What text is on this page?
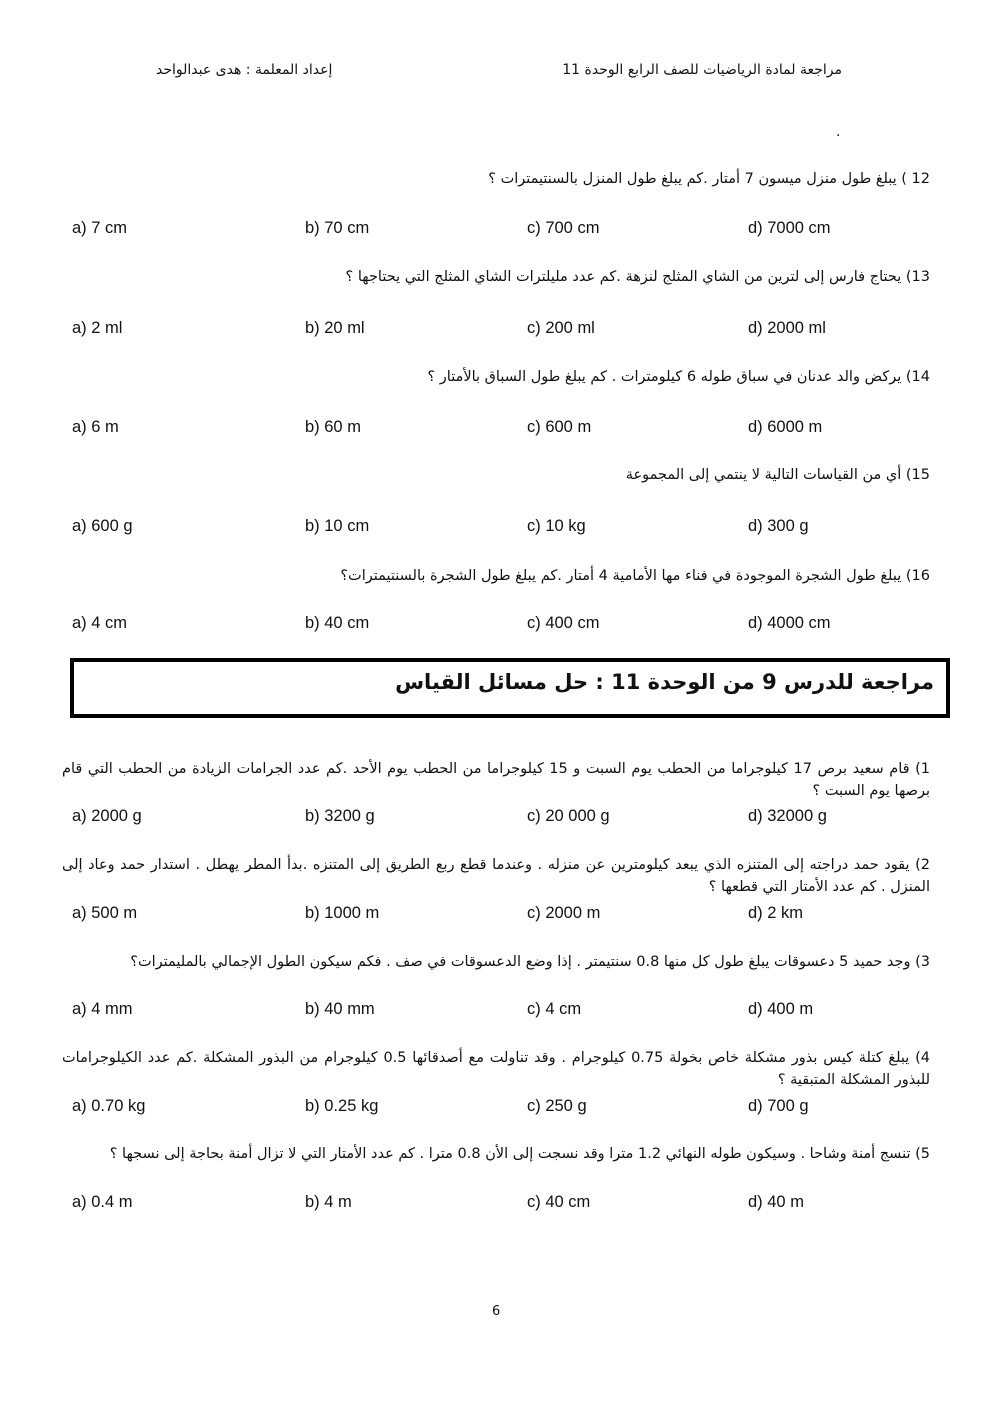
مراجعة لمادة الرياضيات للصف الرابع الوحدة 11
إعداد المعلمة : هدى عبدالواحد
.
12 ) يبلغ طول منزل ميسون 7 أمتار .كم يبلغ طول المنزل بالسنتيمترات ؟
a) 7 cm	b) 70 cm	c) 700 cm	d) 7000 cm
13) يحتاج فارس إلى لترين من الشاي المثلج لنزهة .كم عدد مليلترات الشاي المثلج التي يحتاجها ؟
a) 2 ml	b) 20 ml	c) 200 ml	d) 2000 ml
14) يركض والد عدنان في سباق طوله 6 كيلومترات . كم يبلغ طول السباق بالأمتار ؟
a) 6 m	b) 60 m	c) 600 m	d) 6000 m
15) أي من القياسات التالية لا ينتمي إلى المجموعة
a) 600 g	b) 10 cm	c) 10 kg	d) 300 g
16) يبلغ طول الشجرة الموجودة في فناء مها الأمامية 4 أمتار .كم يبلغ طول الشجرة بالسنتيمترات؟
a) 4 cm	b) 40 cm	c) 400 cm	d) 4000 cm
مراجعة للدرس 9 من الوحدة 11 : حل مسائل القياس
1) قام سعيد برص 17 كيلوجراما من الحطب يوم السبت و 15 كيلوجراما من الحطب يوم الأحد .كم عدد الجرامات الزيادة من الحطب التي قام برصها يوم السبت ؟
a) 2000 g	b) 3200 g	c) 20 000 g	d) 32000 g
2) يقود حمد دراجته إلى المتنزه الذي يبعد كيلومترين عن منزله . وعندما قطع ربع الطريق إلى المتنزه .بدأ المطر يهطل . استدار حمد وعاد إلى المنزل . كم عدد الأمتار التي قطعها ؟
a) 500 m	b) 1000 m	c) 2000 m	d) 2 km
3) وجد حميد 5 دعسوقات يبلغ طول كل منها 0.8 سنتيمتر . إذا وضع الدعسوقات في صف . فكم سيكون الطول الإجمالي بالمليمترات؟
a) 4 mm	b) 40 mm	c) 4 cm	d) 400 m
4) يبلغ كتلة كيس بذور مشكلة خاص بخولة 0.75 كيلوجرام . وقد تناولت مع أصدقائها 0.5 كيلوجرام من البذور المشكلة .كم عدد الكيلوجرامات للبذور المشكلة المتبقية ؟
a) 0.70 kg	b) 0.25 kg	c) 250 g	d) 700 g
5) تنسج أمنة وشاحا . وسيكون طوله النهائي 1.2 مترا وقد نسجت إلى الأن 0.8 مترا . كم عدد الأمتار التي لا تزال أمنة بحاجة إلى نسجها ؟
a) 0.4 m	b) 4 m	c) 40 cm	d) 40 m
6
